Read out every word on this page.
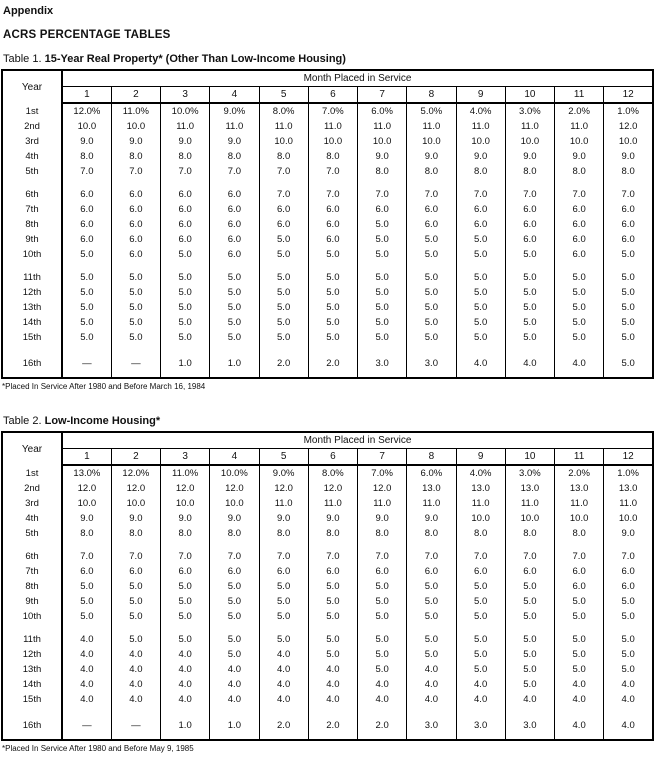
Appendix
ACRS PERCENTAGE TABLES
Table 1. 15-Year Real Property* (Other Than Low-Income Housing)
Year	Month Placed in Service											
	1	2	3	4	5	6	7	8	9	10	11	12
1st	12.0%	11.0%	10.0%	9.0%	8.0%	7.0%	6.0%	5.0%	4.0%	3.0%	2.0%	1.0%
2nd	10.0	10.0	11.0	11.0	11.0	11.0	11.0	11.0	11.0	11.0	11.0	12.0
3rd	9.0	9.0	9.0	9.0	10.0	10.0	10.0	10.0	10.0	10.0	10.0	10.0
4th	8.0	8.0	8.0	8.0	8.0	8.0	9.0	9.0	9.0	9.0	9.0	9.0
5th	7.0	7.0	7.0	7.0	7.0	7.0	8.0	8.0	8.0	8.0	8.0	8.0

6th	6.0	6.0	6.0	6.0	7.0	7.0	7.0	7.0	7.0	7.0	7.0	7.0
7th	6.0	6.0	6.0	6.0	6.0	6.0	6.0	6.0	6.0	6.0	6.0	6.0
8th	6.0	6.0	6.0	6.0	6.0	6.0	5.0	6.0	6.0	6.0	6.0	6.0
9th	6.0	6.0	6.0	6.0	5.0	6.0	5.0	5.0	5.0	6.0	6.0	6.0
10th	5.0	6.0	5.0	6.0	5.0	5.0	5.0	5.0	5.0	5.0	6.0	5.0

11th	5.0	5.0	5.0	5.0	5.0	5.0	5.0	5.0	5.0	5.0	5.0	5.0
12th	5.0	5.0	5.0	5.0	5.0	5.0	5.0	5.0	5.0	5.0	5.0	5.0
13th	5.0	5.0	5.0	5.0	5.0	5.0	5.0	5.0	5.0	5.0	5.0	5.0
14th	5.0	5.0	5.0	5.0	5.0	5.0	5.0	5.0	5.0	5.0	5.0	5.0
15th	5.0	5.0	5.0	5.0	5.0	5.0	5.0	5.0	5.0	5.0	5.0	5.0

16th	—	—	1.0	1.0	2.0	2.0	3.0	3.0	4.0	4.0	4.0	5.0

*Placed In Service After 1980 and Before March 16, 1984
Table 2. Low-Income Housing*
Year	Month Placed in Service											
	1	2	3	4	5	6	7	8	9	10	11	12
1st	13.0%	12.0%	11.0%	10.0%	9.0%	8.0%	7.0%	6.0%	4.0%	3.0%	2.0%	1.0%
2nd	12.0	12.0	12.0	12.0	12.0	12.0	12.0	13.0	13.0	13.0	13.0	13.0
3rd	10.0	10.0	10.0	10.0	11.0	11.0	11.0	11.0	11.0	11.0	11.0	11.0
4th	9.0	9.0	9.0	9.0	9.0	9.0	9.0	9.0	10.0	10.0	10.0	10.0
5th	8.0	8.0	8.0	8.0	8.0	8.0	8.0	8.0	8.0	8.0	8.0	9.0

6th	7.0	7.0	7.0	7.0	7.0	7.0	7.0	7.0	7.0	7.0	7.0	7.0
7th	6.0	6.0	6.0	6.0	6.0	6.0	6.0	6.0	6.0	6.0	6.0	6.0
8th	5.0	5.0	5.0	5.0	5.0	5.0	5.0	5.0	5.0	5.0	6.0	6.0
9th	5.0	5.0	5.0	5.0	5.0	5.0	5.0	5.0	5.0	5.0	5.0	5.0
10th	5.0	5.0	5.0	5.0	5.0	5.0	5.0	5.0	5.0	5.0	5.0	5.0

11th	4.0	5.0	5.0	5.0	5.0	5.0	5.0	5.0	5.0	5.0	5.0	5.0
12th	4.0	4.0	4.0	5.0	4.0	5.0	5.0	5.0	5.0	5.0	5.0	5.0
13th	4.0	4.0	4.0	4.0	4.0	4.0	5.0	4.0	5.0	5.0	5.0	5.0
14th	4.0	4.0	4.0	4.0	4.0	4.0	4.0	4.0	4.0	5.0	4.0	4.0
15th	4.0	4.0	4.0	4.0	4.0	4.0	4.0	4.0	4.0	4.0	4.0	4.0

16th	—	—	1.0	1.0	2.0	2.0	2.0	3.0	3.0	3.0	4.0	4.0

*Placed In Service After 1980 and Before May 9, 1985
